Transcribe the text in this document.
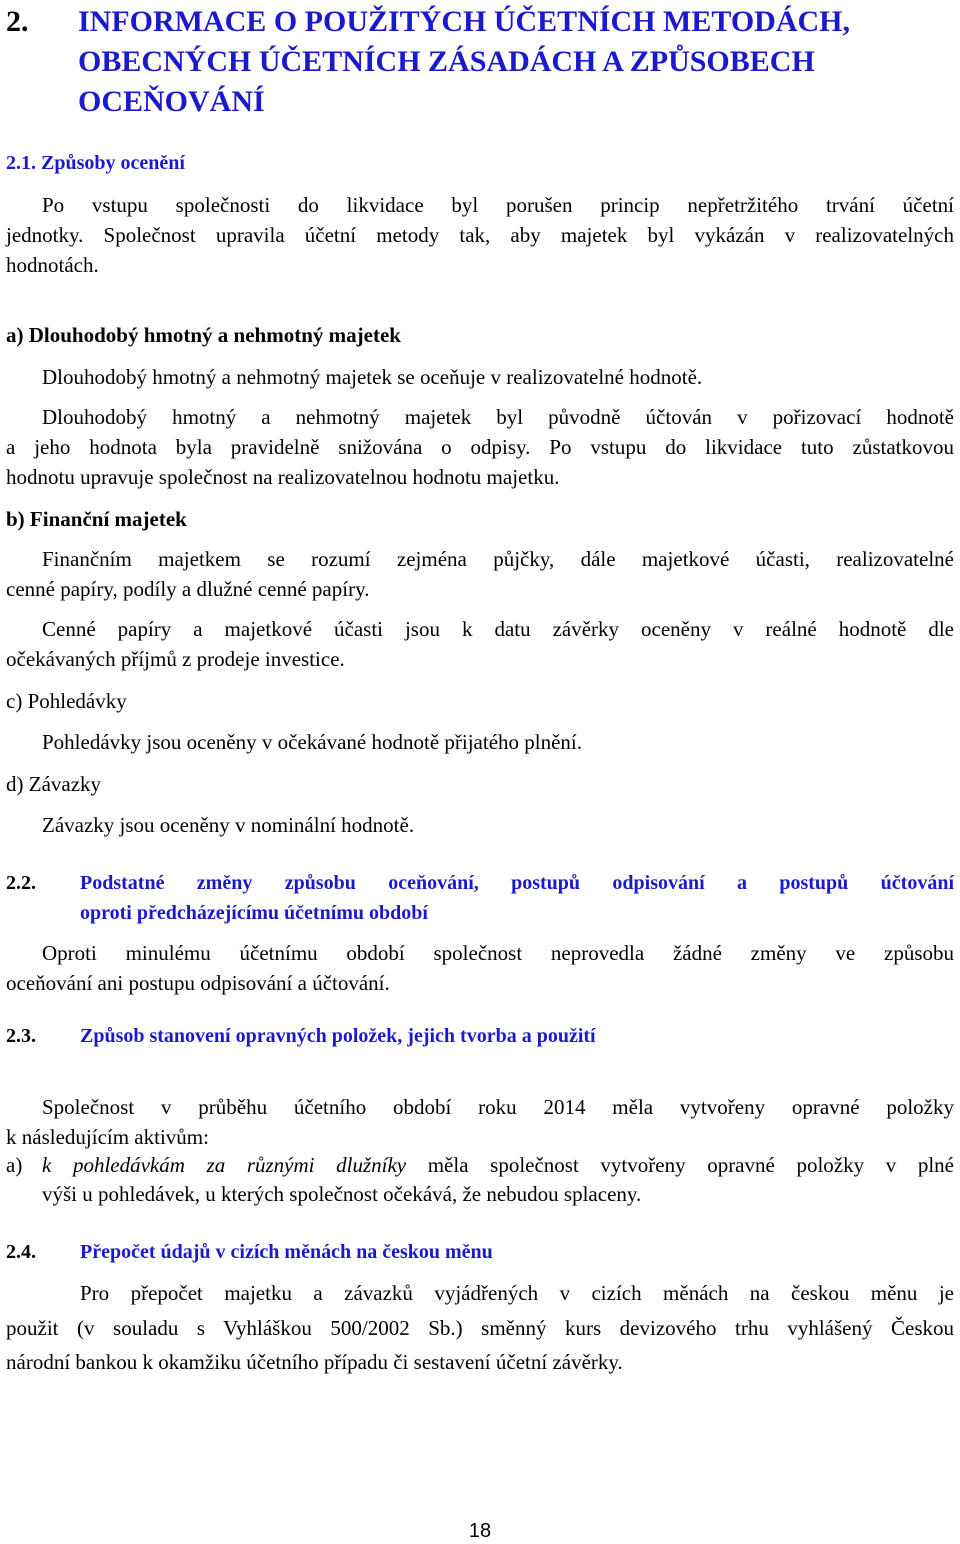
2. INFORMACE O POUŽITÝCH ÚČETNÍCH METODÁCH,
OBECNÝCH ÚČETNÍCH ZÁSADÁCH A ZPŮSOBECH
OCEŇOVÁNÍ
2.1. Způsoby ocenění
Po vstupu společnosti do likvidace byl porušen princip nepřetržitého trvání účetní
jednotky. Společnost upravila účetní metody tak, aby majetek byl vykázán v realizovatelných
hodnotách.
a) Dlouhodobý hmotný a nehmotný majetek
Dlouhodobý hmotný a nehmotný majetek se oceňuje v realizovatelné hodnotě.
Dlouhodobý hmotný a nehmotný majetek byl původně účtován v pořizovací hodnotě
a jeho hodnota byla pravidelně snižována o odpisy. Po vstupu do likvidace tuto zůstatkovou
hodnotu upravuje společnost na realizovatelnou hodnotu majetku.
b) Finanční majetek
Finančním majetkem se rozumí zejména půjčky, dále majetkové účasti, realizovatelné
cenné papíry, podíly a dlužné cenné papíry.
Cenné papíry a majetkové účasti jsou k datu závěrky oceněny v reálné hodnotě dle
očekávaných příjmů z prodeje investice.
c) Pohledávky
Pohledávky jsou oceněny v očekávané hodnotě přijatého plnění.
d) Závazky
Závazky jsou oceněny v nominální hodnotě.
2.2. Podstatné změny způsobu oceňování, postupů odpisování a postupů účtování
oproti předcházejícímu účetnímu období
Oproti minulému účetnímu období společnost neprovedla žádné změny ve způsobu
oceňování ani postupu odpisování a účtování.
2.3. Způsob stanovení opravných položek, jejich tvorba a použití
Společnost v průběhu účetního období roku 2014 měla vytvořeny opravné položky
k následujícím aktivům:
a) k pohledávkám za různými dlužníky měla společnost vytvořeny opravné položky v plné
výši u pohledávek, u kterých společnost očekává, že nebudou splaceny.
2.4. Přepočet údajů v cizích měnách na českou měnu
Pro přepočet majetku a závazků vyjádřených v cizích měnách na českou měnu je
použit (v souladu s Vyhláškou 500/2002 Sb.) směnný kurs devizového trhu vyhlášený Českou
národní bankou k okamžiku účetního případu či sestavení účetní závěrky.
18
